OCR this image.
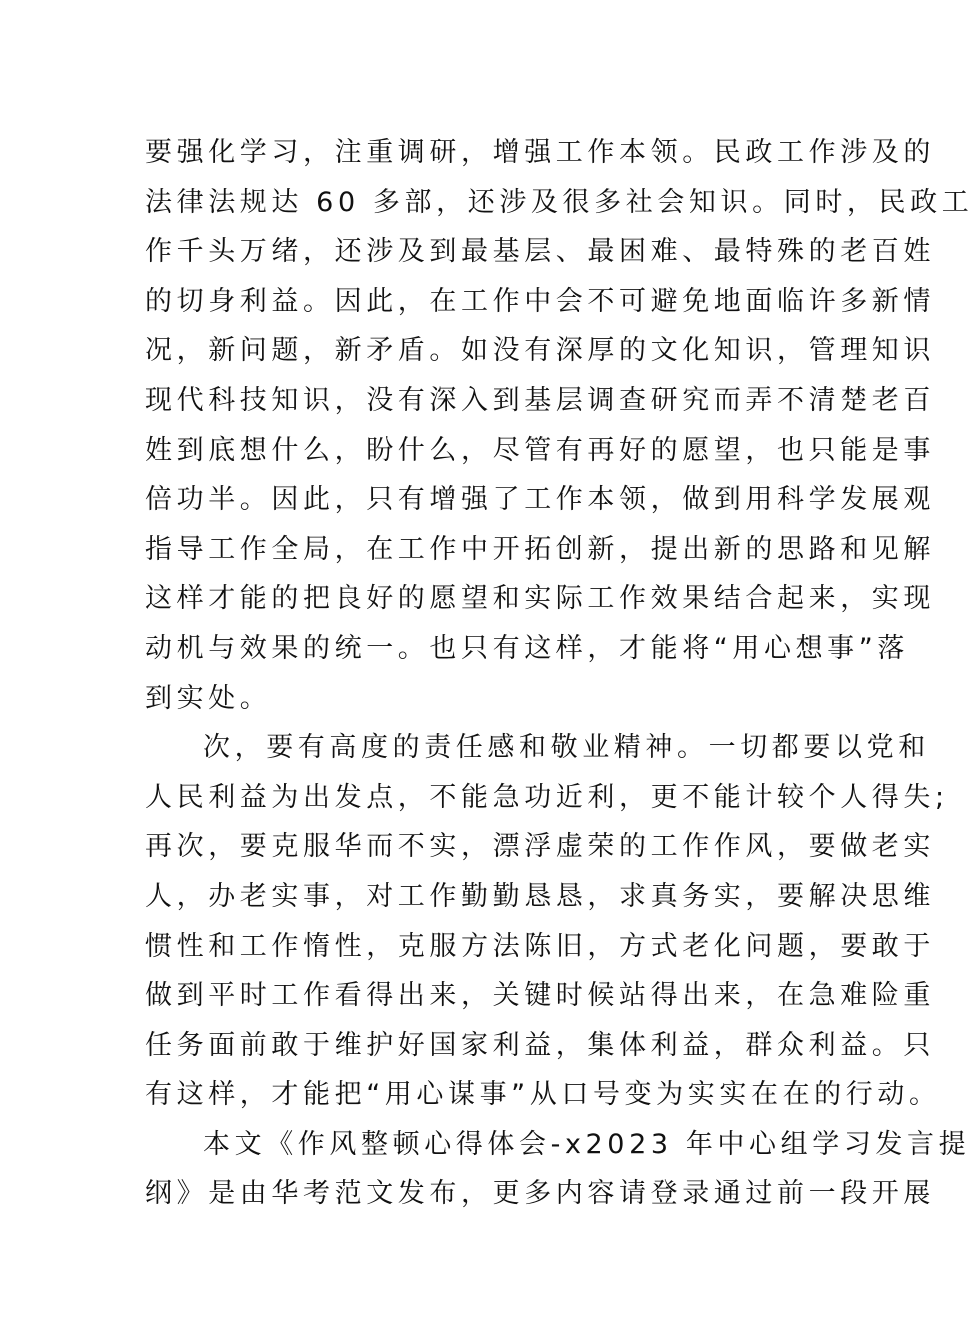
要强化学习，注重调研，增强工作本领。民政工作涉及的
法律法规达 60 多部，还涉及很多社会知识。同时，民政工
作千头万绪，还涉及到最基层、最困难、最特殊的老百姓
的切身利益。因此，在工作中会不可避免地面临许多新情
况，新问题，新矛盾。如没有深厚的文化知识，管理知识
现代科技知识，没有深入到基层调查研究而弄不清楚老百
姓到底想什么，盼什么，尽管有再好的愿望，也只能是事
倍功半。因此，只有增强了工作本领，做到用科学发展观
指导工作全局，在工作中开拓创新，提出新的思路和见解
这样才能的把良好的愿望和实际工作效果结合起来，实现
动机与效果的统一。也只有这样，才能将“用心想事”落
到实处。
次，要有高度的责任感和敬业精神。一切都要以党和
人民利益为出发点，不能急功近利，更不能计较个人得失;
再次，要克服华而不实，漂浮虚荣的工作作风，要做老实
人，办老实事，对工作勤勤恳恳，求真务实，要解决思维
惯性和工作惰性，克服方法陈旧，方式老化问题，要敢于
做到平时工作看得出来，关键时候站得出来，在急难险重
任务面前敢于维护好国家利益，集体利益，群众利益。只
有这样，才能把“用心谋事”从口号变为实实在在的行动。
本文《作风整顿心得体会-x2023 年中心组学习发言提
纲》是由华考范文发布，更多内容请登录通过前一段开展
